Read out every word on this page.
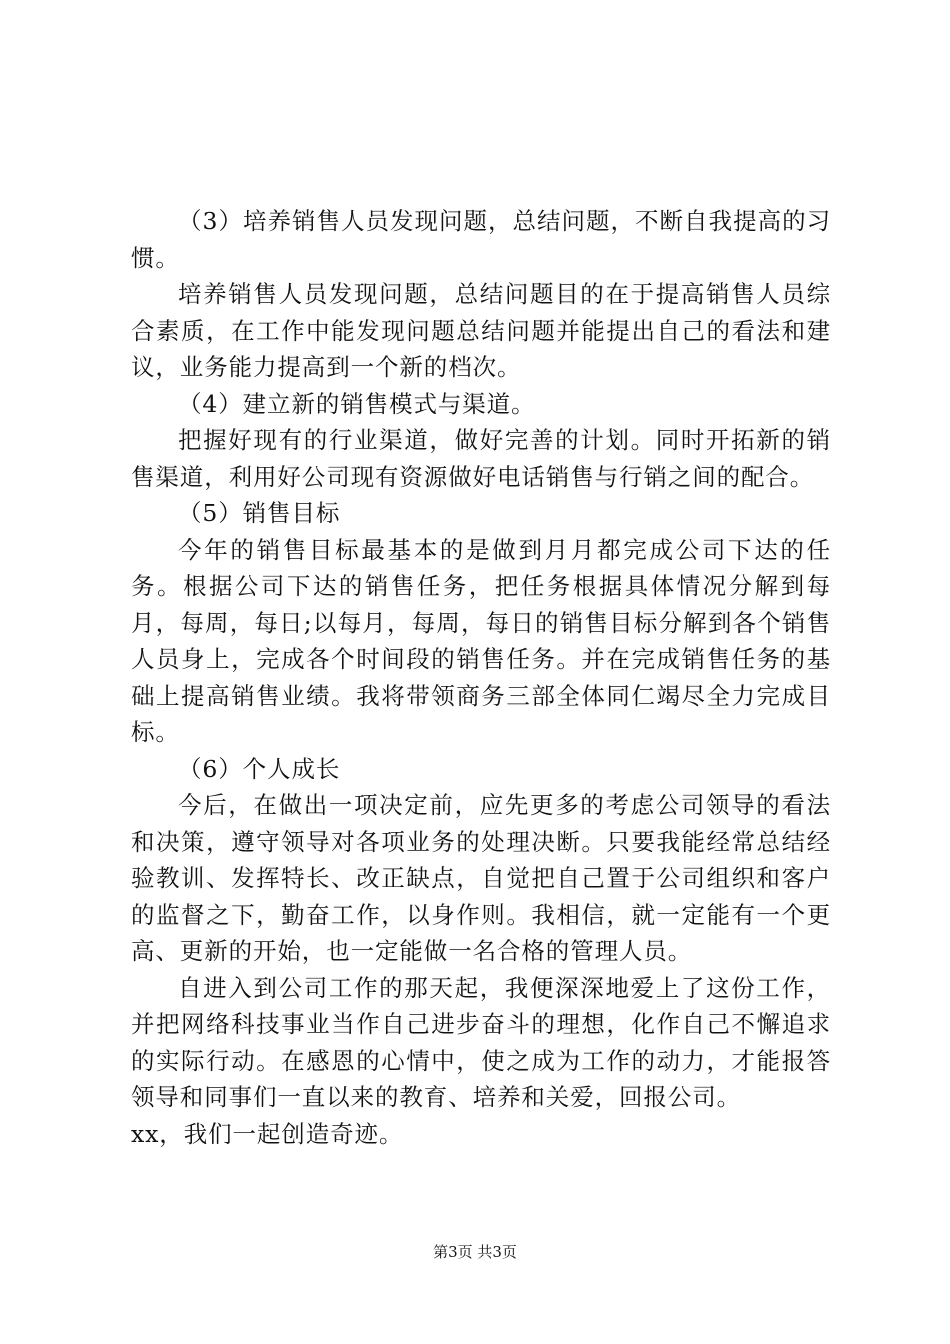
（3）培养销售人员发现问题，总结问题，不断自我提高的习惯。

培养销售人员发现问题，总结问题目的在于提高销售人员综合素质，在工作中能发现问题总结问题并能提出自己的看法和建议，业务能力提高到一个新的档次。

（4）建立新的销售模式与渠道。

把握好现有的行业渠道，做好完善的计划。同时开拓新的销售渠道，利用好公司现有资源做好电话销售与行销之间的配合。

（5）销售目标

今年的销售目标最基本的是做到月月都完成公司下达的任务。根据公司下达的销售任务，把任务根据具体情况分解到每月，每周，每日;以每月，每周，每日的销售目标分解到各个销售人员身上，完成各个时间段的销售任务。并在完成销售任务的基础上提高销售业绩。我将带领商务三部全体同仁竭尽全力完成目标。

（6）个人成长

今后，在做出一项决定前，应先更多的考虑公司领导的看法和决策，遵守领导对各项业务的处理决断。只要我能经常总结经验教训、发挥特长、改正缺点，自觉把自己置于公司组织和客户的监督之下，勤奋工作，以身作则。我相信，就一定能有一个更高、更新的开始，也一定能做一名合格的管理人员。

自进入到公司工作的那天起，我便深深地爱上了这份工作，并把网络科技事业当作自己进步奋斗的理想，化作自己不懈追求的实际行动。在感恩的心情中，使之成为工作的动力，才能报答领导和同事们一直以来的教育、培养和关爱，回报公司。

xx，我们一起创造奇迹。

第3页 共3页
